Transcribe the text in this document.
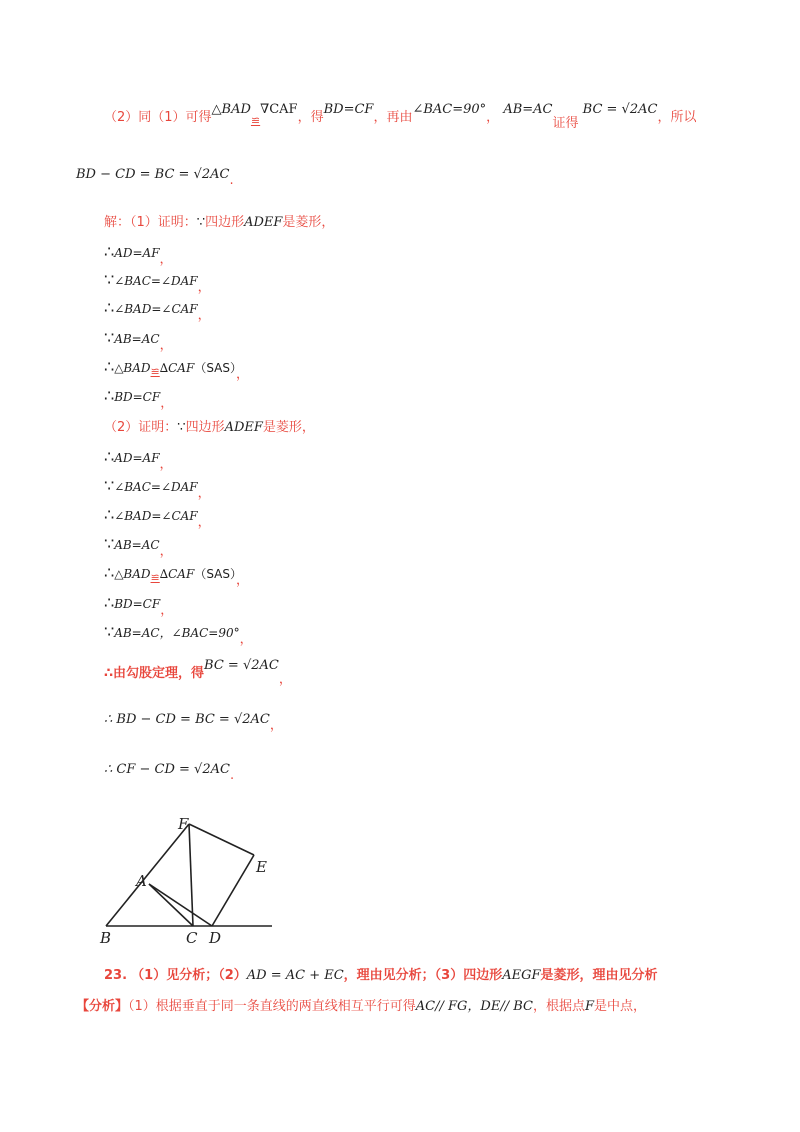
（2）同（1）可得$\triangle BAD_≌\nabla CAF$，得BD=CF，再由∠BAC=90°， AB=AC证得 BC = √2AC，所以
BD − CD = BC = $√2AC_.$
解：（1）证明：∵四边形ADEF是菱形，
$\therefore AD=AF_,$
$\because\angle BAC=\angle DAF_,$
$\therefore\angle BAD=\angle CAF_,$
$\because AB=AC_,$
$\therefore\triangle BAD≌\Delta CAF(SAS)_,$
$\therefore BD=CF_,$
（2）证明：∵四边形ADEF是菱形，
$\therefore AD=AF_,$
$\because\angle BAC=\angle DAF_,$
$\therefore\angle BAD=\angle CAF_,$
$\because AB=AC_,$
$\therefore\triangle BAD≌\Delta CAF(SAS)_,$
$\therefore BD=CF_,$
∵AB=AC，$\angle BAC=90^\circ_,$
∴由勾股定理，得BC = √2AC，
∴ BD − CD = BC = $√2AC_,$
∴ CF − CD = $√2AC_.$
F
E
A
B	C D
23. （1）见分析；（2）AD = AC + EC，理由见分析；（3）四边形AEGF是菱形，理由见分析
【分析】（1）根据垂直于同一条直线的两直线相互平行可得AC// FG，DE// BC，根据点F是中点，
